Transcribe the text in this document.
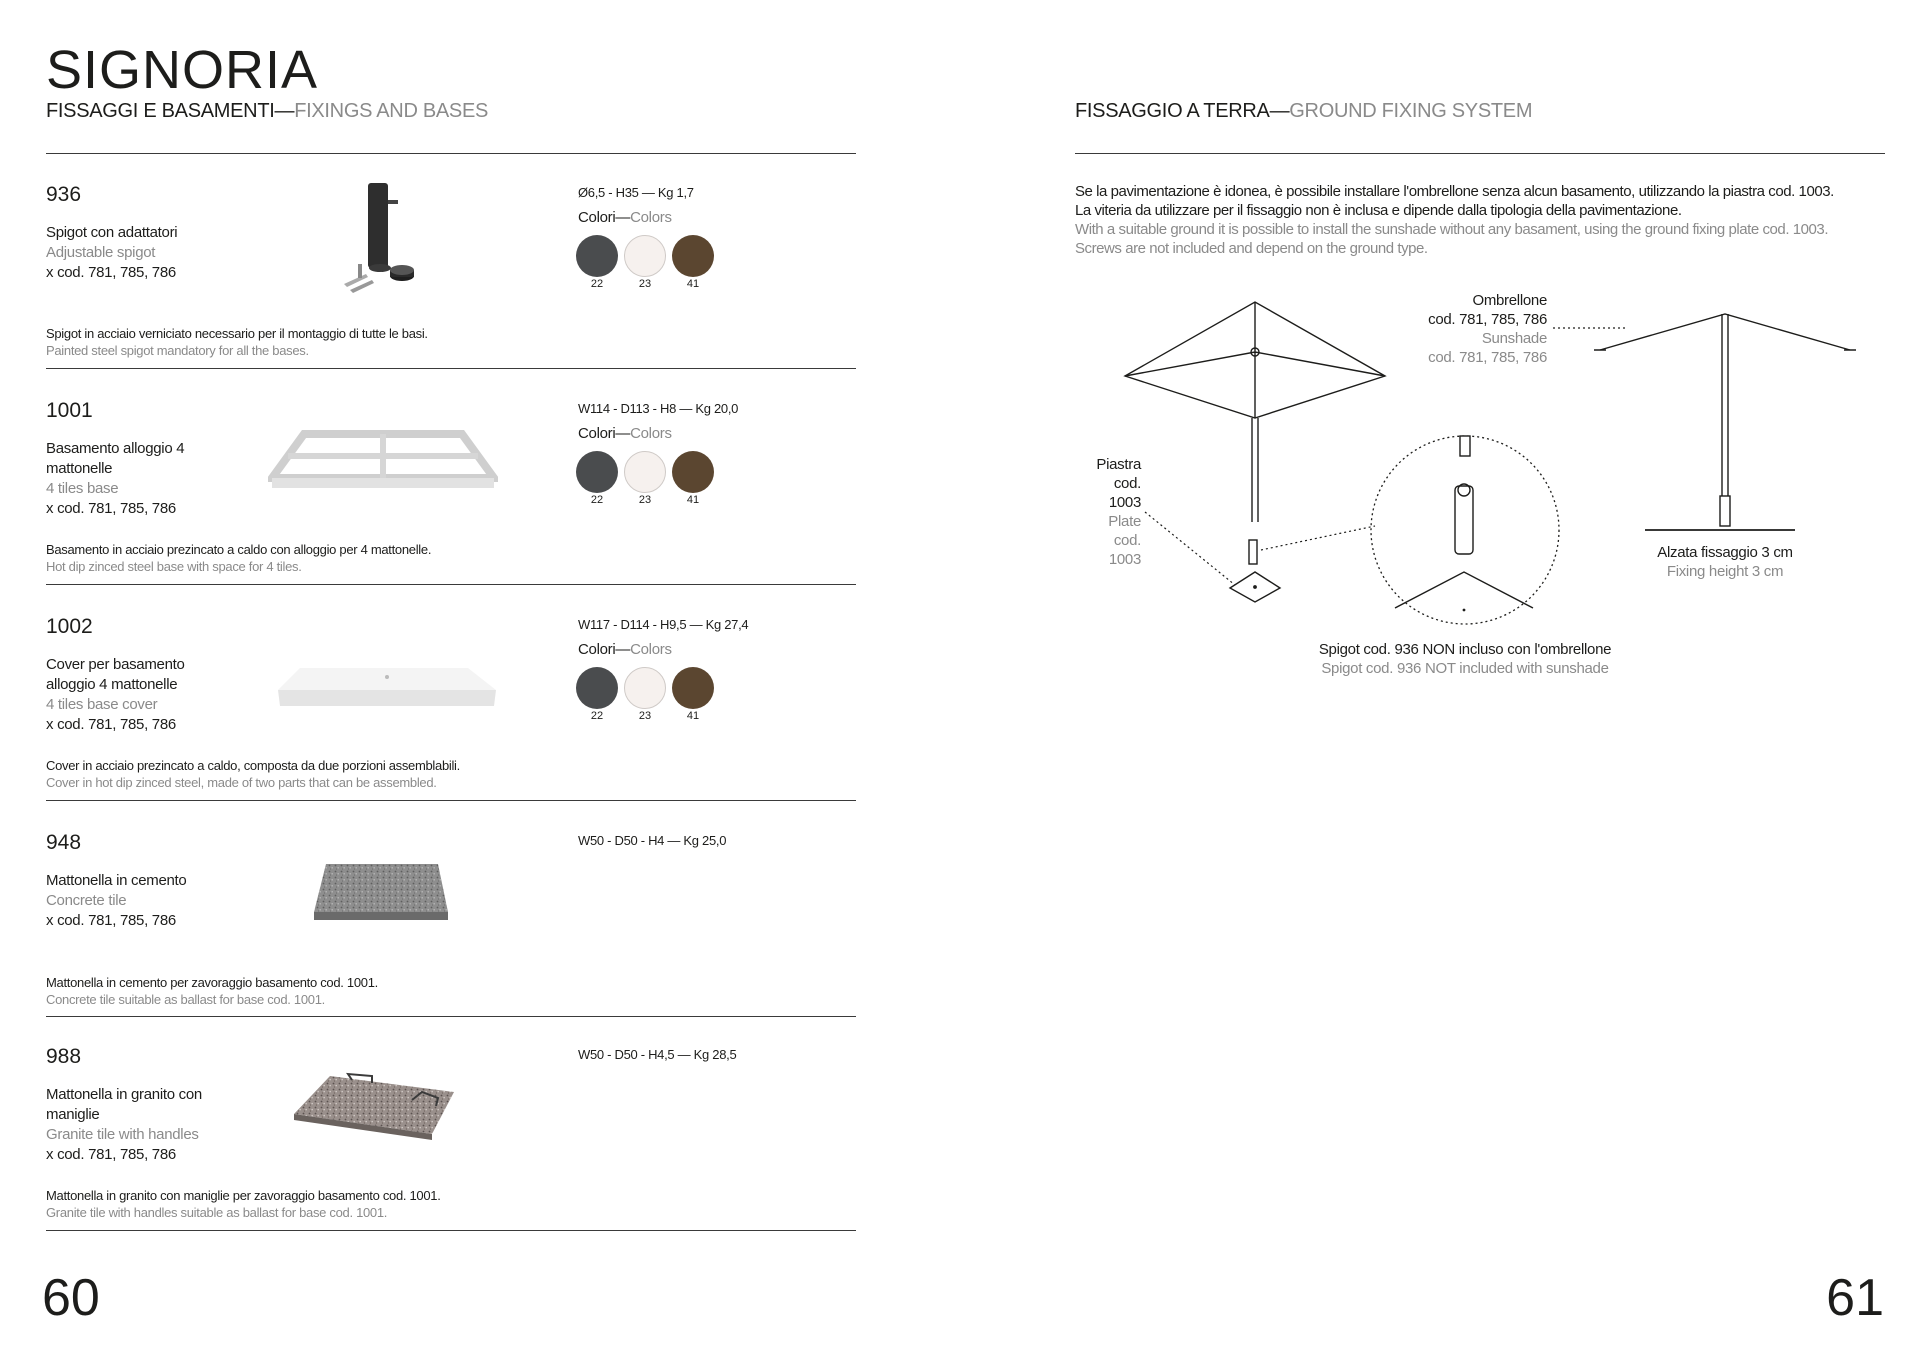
SIGNORIA
FISSAGGI E BASAMENTI—FIXINGS AND BASES
936
Spigot con adattatori
Adjustable spigot
x cod. 781, 785, 786
Ø6,5 - H35 — Kg 1,7
Colori—Colors
22	23	41
Spigot in acciaio verniciato necessario per il montaggio di tutte le basi.
Painted steel spigot mandatory for all the bases.
1001
Basamento alloggio 4 mattonelle
4 tiles base
x cod. 781, 785, 786
W114 - D113 - H8 — Kg 20,0
Colori—Colors
22	23	41
Basamento in acciaio prezincato a caldo con alloggio per 4 mattonelle.
Hot dip zinced steel base with space for 4 tiles.
1002
Cover per basamento alloggio 4 mattonelle
4 tiles base cover
x cod. 781, 785, 786
W117 - D114 - H9,5 — Kg 27,4
Colori—Colors
22	23	41
Cover in acciaio prezincato a caldo, composta da due porzioni assemblabili.
Cover in hot dip zinced steel, made of two parts that can be assembled.
948
Mattonella in cemento
Concrete tile
x cod. 781, 785, 786
W50 - D50 - H4 — Kg 25,0
Mattonella in cemento per zavoraggio basamento cod. 1001.
Concrete tile suitable as ballast for base cod. 1001.
988
Mattonella in granito con maniglie
Granite tile with handles
x cod. 781, 785, 786
W50 - D50 - H4,5 — Kg 28,5
Mattonella in granito con maniglie per zavoraggio basamento cod. 1001.
Granite tile with handles suitable as ballast for base cod. 1001.
60
FISSAGGIO A TERRA—GROUND FIXING SYSTEM
Se la pavimentazione è idonea, è possibile installare l'ombrellone senza alcun basamento, utilizzando la piastra cod. 1003.
La viteria da utilizzare per il fissaggio non è inclusa e dipende dalla tipologia della pavimentazione.
With a suitable ground it is possible to install the sunshade without any basament, using the ground fixing plate cod. 1003.
Screws are not included and depend on the ground type.
Ombrellone
cod. 781, 785, 786
Sunshade
cod. 781, 785, 786
Piastra
cod.
1003
Plate
cod.
1003	Alzata fissaggio 3 cm
Fixing height 3 cm
Spigot cod. 936 NON incluso con l'ombrellone
Spigot cod. 936 NOT included with sunshade
61
